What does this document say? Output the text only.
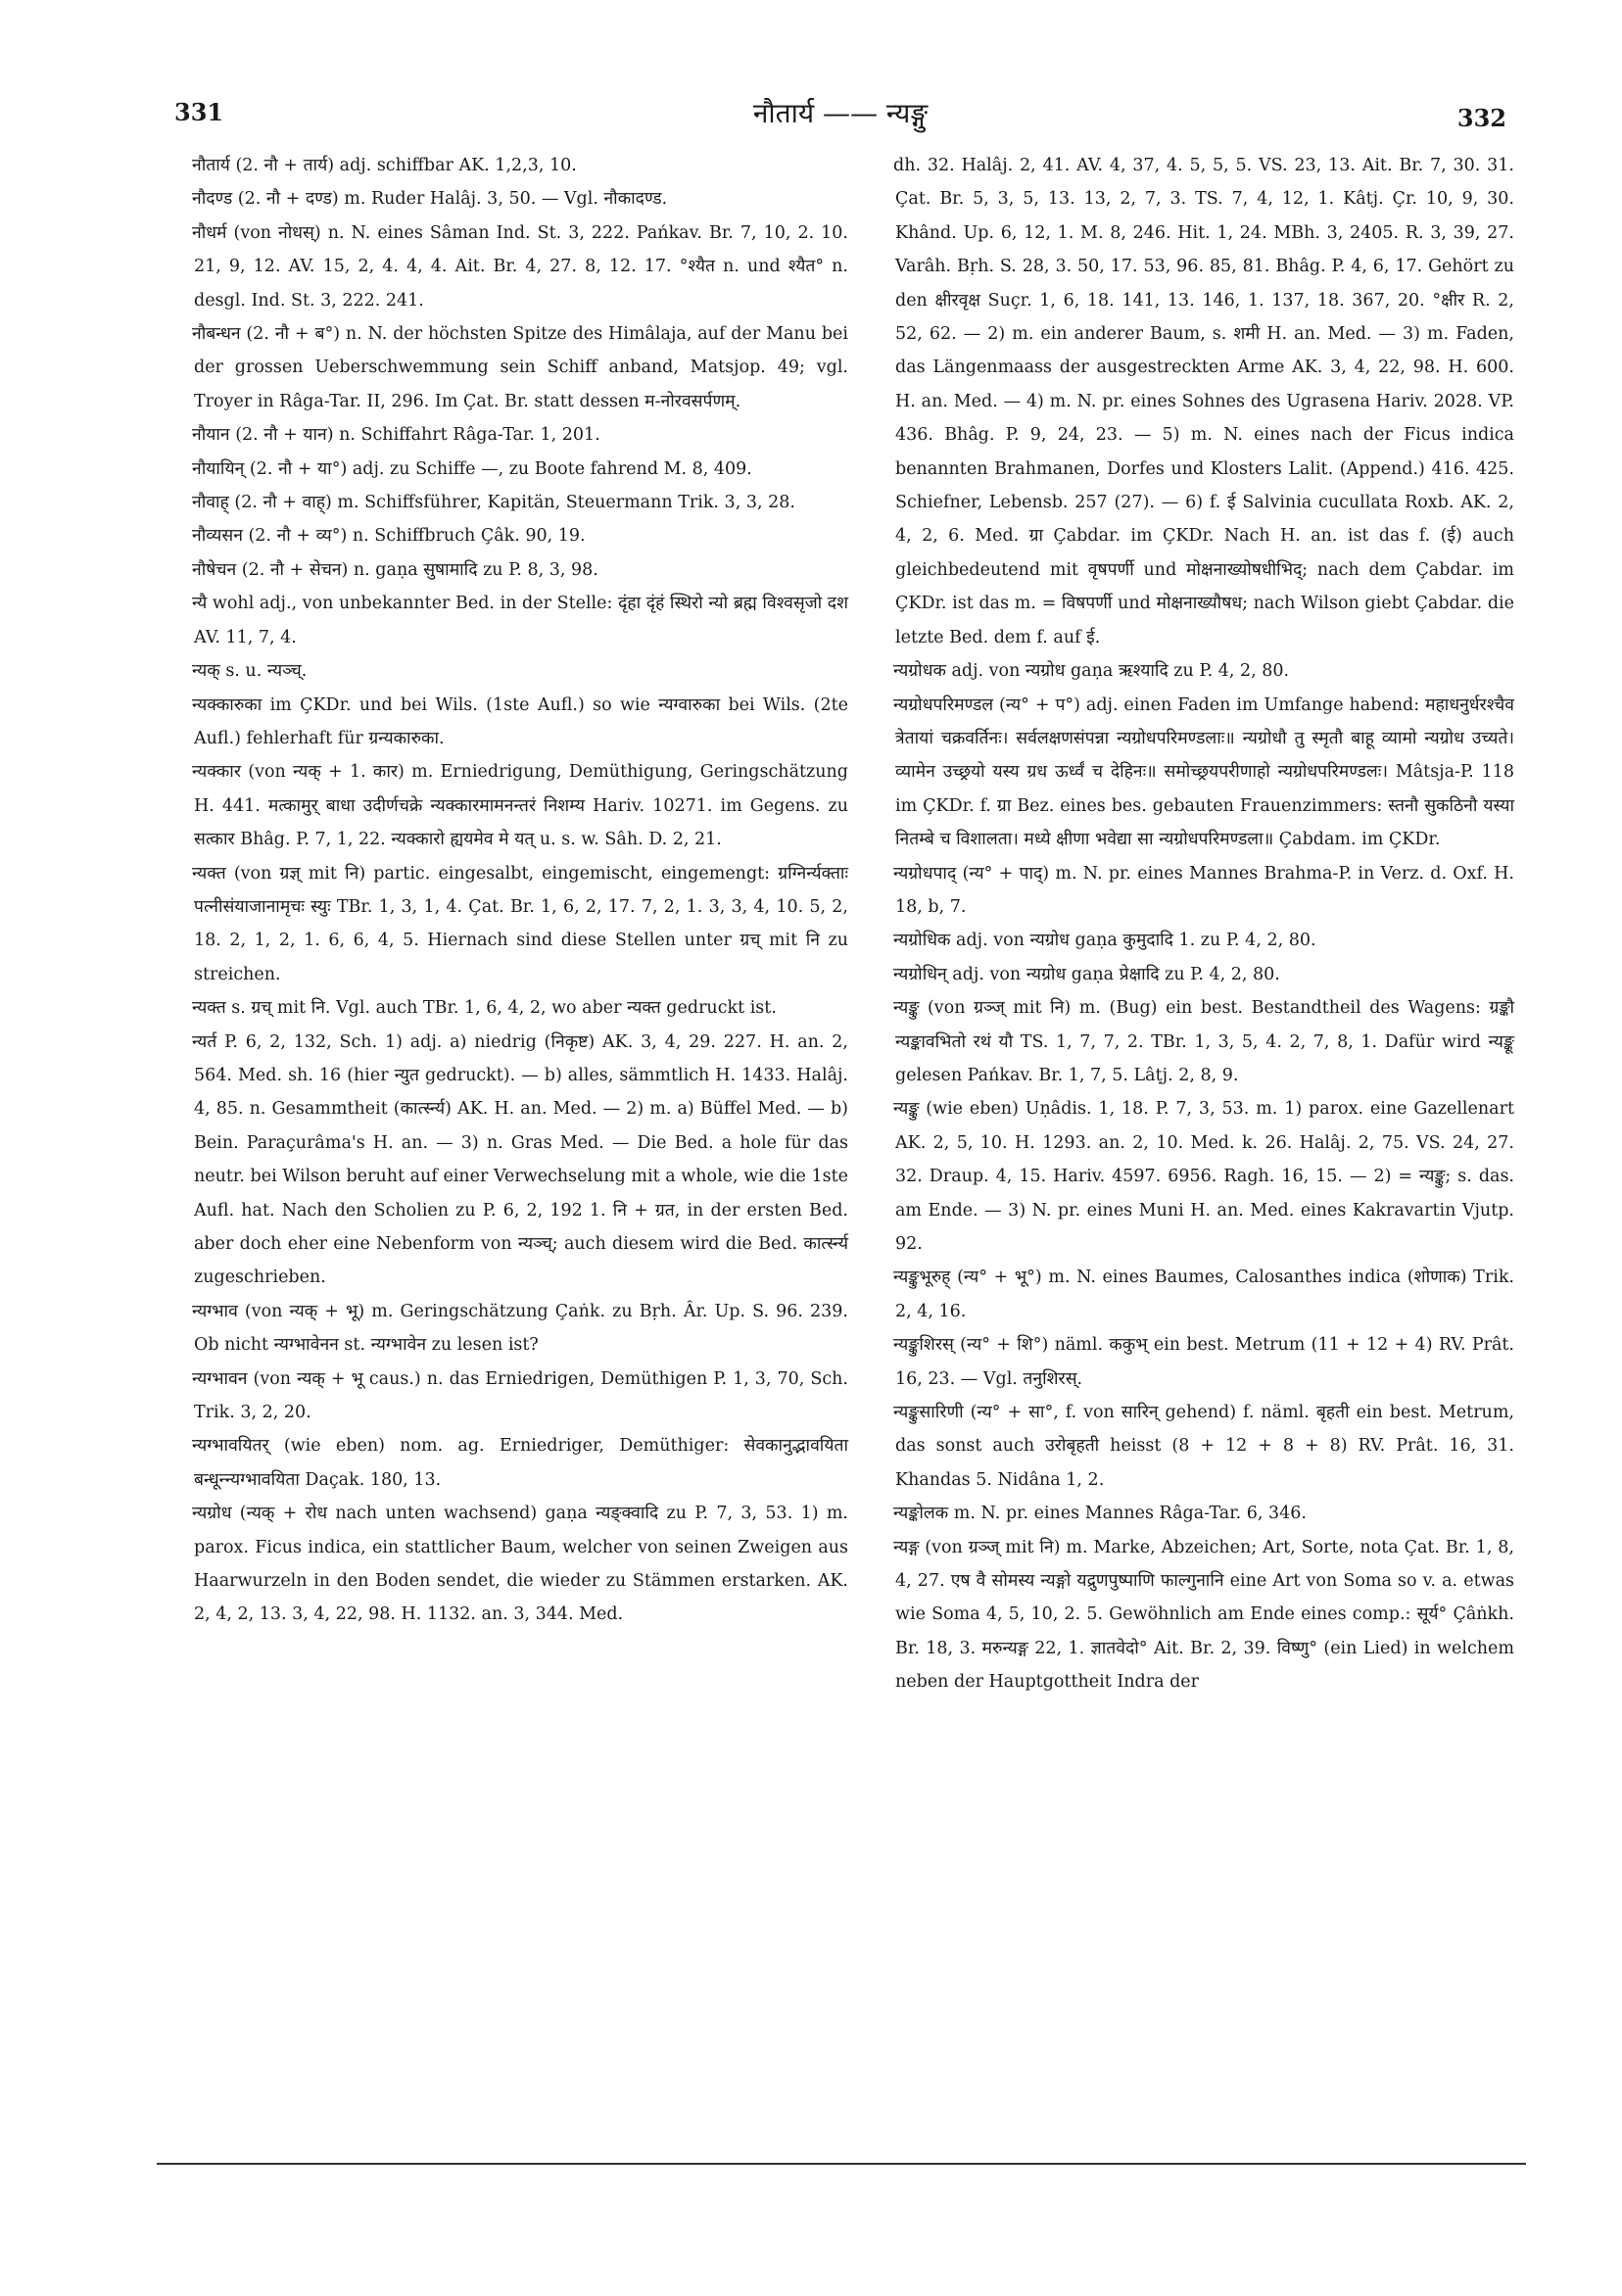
331	नौतार्य —— न्यङ्गु	332

नौतार्य (2. नौ + तार्य) adj. schiffbar AK. 1,2,3, 10.

नौदण्ड (2. नौ + दण्ड) m. Ruder Halâj. 3, 50. — Vgl. नौकादण्ड.

नौधर्म (von नोधस्) n. N. eines Sâman Ind. St. 3, 222. Pańkav. Br. 7, 10, 2. 10. 21, 9, 12. AV. 15, 2, 4. 4, 4. Ait. Br. 4, 27. 8, 12. 17. °श्यैत n. und श्यैत° n. desgl. Ind. St. 3, 222. 241.

नौबन्धन (2. नौ + ब°) n. N. der höchsten Spitze des Himâlaja, auf der Manu bei der grossen Ueberschwemmung sein Schiff anband, Matsjop. 49; vgl. Troyer in Râga-Tar. II, 296. Im Çat. Br. statt dessen म-नोरवसर्पणम्.

नौयान (2. नौ + यान) n. Schiffahrt Râga-Tar. 1, 201.

नौयायिन् (2. नौ + या°) adj. zu Schiffe —, zu Boote fahrend M. 8, 409.

नौवाह् (2. नौ + वाह्) m. Schiffsführer, Kapitän, Steuermann Trik. 3, 3, 28.

नौव्यसन (2. नौ + व्य°) n. Schiffbruch Çâk. 90, 19.

नौषेचन (2. नौ + सेचन) n. gaṇa सुषामादि zu P. 8, 3, 98.

न्यै wohl adj., von unbekannter Bed. in der Stelle: दृंहा दृंहं स्थिरो न्यो ब्रह्म विश्वसृजो दश AV. 11, 7, 4.

न्यक् s. u. न्यञ्च्.

न्यक्कारुका im ÇKDr. und bei Wils. (1ste Aufl.) so wie न्यग्वारुका bei Wils. (2te Aufl.) fehlerhaft für ग्रन्यकारुका.

न्यक्कार (von न्यक् + 1. कार) m. Erniedrigung, Demüthigung, Geringschätzung H. 441. मत्कामुर् बाधा उदीर्णचक्रे न्यक्कारमामनन्तरं निशम्य Hariv. 10271. im Gegens. zu सत्कार Bhâg. P. 7, 1, 22. न्यक्कारो ह्ययमेव मे यत् u. s. w. Sâh. D. 2, 21.

न्यक्त (von ग्रज्ञ् mit नि) partic. eingesalbt, eingemischt, eingemengt: ग्रग्निर्न्यक्ताः पत्नीसंयाजानामृचः स्युः TBr. 1, 3, 1, 4. Çat. Br. 1, 6, 2, 17. 7, 2, 1. 3, 3, 4, 10. 5, 2, 18. 2, 1, 2, 1. 6, 6, 4, 5. Hiernach sind diese Stellen unter ग्रच् mit नि zu streichen.

न्यक्त s. ग्रच् mit नि. Vgl. auch TBr. 1, 6, 4, 2, wo aber न्यक्त gedruckt ist.

न्यर्त P. 6, 2, 132, Sch. 1) adj. a) niedrig (निकृष्ट) AK. 3, 4, 29. 227. H. an. 2, 564. Med. sh. 16 (hier न्युत gedruckt). — b) alles, sämmtlich H. 1433. Halâj. 4, 85. n. Gesammtheit (कार्त्स्न्य) AK. H. an. Med. — 2) m. a) Büffel Med. — b) Bein. Paraçurâma's H. an. — 3) n. Gras Med. — Die Bed. a hole für das neutr. bei Wilson beruht auf einer Verwechselung mit a whole, wie die 1ste Aufl. hat. Nach den Scholien zu P. 6, 2, 192 1. नि + ग्रत, in der ersten Bed. aber doch eher eine Nebenform von न्यञ्च्; auch diesem wird die Bed. कार्त्स्न्य zugeschrieben.

न्यग्भाव (von न्यक् + भू) m. Geringschätzung Çaṅk. zu Bṛh. Âr. Up. S. 96. 239. Ob nicht न्यग्भावेनन st. न्यग्भावेन zu lesen ist?

न्यग्भावन (von न्यक् + भू caus.) n. das Erniedrigen, Demüthigen P. 1, 3, 70, Sch. Trik. 3, 2, 20.

न्यग्भावयितर् (wie eben) nom. ag. Erniedriger, Demüthiger: सेवकानुद्भावयिता बन्धून्न्यग्भावयिता Daçak. 180, 13.

न्यग्रोध (न्यक् + रोध nach unten wachsend) gaṇa न्यङ्क्वादि zu P. 7, 3, 53. 1) m. parox. Ficus indica, ein stattlicher Baum, welcher von seinen Zweigen aus Haarwurzeln in den Boden sendet, die wieder zu Stämmen erstarken. AK. 2, 4, 2, 13. 3, 4, 22, 98. H. 1132. an. 3, 344. Med.

dh. 32. Halâj. 2, 41. AV. 4, 37, 4. 5, 5, 5. VS. 23, 13. Ait. Br. 7, 30. 31. Çat. Br. 5, 3, 5, 13. 13, 2, 7, 3. TS. 7, 4, 12, 1. Kâtj. Çr. 10, 9, 30. Khând. Up. 6, 12, 1. M. 8, 246. Hit. 1, 24. MBh. 3, 2405. R. 3, 39, 27. Varâh. Bṛh. S. 28, 3. 50, 17. 53, 96. 85, 81. Bhâg. P. 4, 6, 17. Gehört zu den क्षीरवृक्ष Suçr. 1, 6, 18. 141, 13. 146, 1. 137, 18. 367, 20. °क्षीर R. 2, 52, 62. — 2) m. ein anderer Baum, s. शमी H. an. Med. — 3) m. Faden, das Längenmaass der ausgestreckten Arme AK. 3, 4, 22, 98. H. 600. H. an. Med. — 4) m. N. pr. eines Sohnes des Ugrasena Hariv. 2028. VP. 436. Bhâg. P. 9, 24, 23. — 5) m. N. eines nach der Ficus indica benannten Brahmanen, Dorfes und Klosters Lalit. (Append.) 416. 425. Schiefner, Lebensb. 257 (27). — 6) f. ई Salvinia cucullata Roxb. AK. 2, 4, 2, 6. Med. ग्रा Çabdar. im ÇKDr. Nach H. an. ist das f. (ई) auch gleichbedeutend mit वृषपर्णी und मोक्षनाख्योषधीभिद्; nach dem Çabdar. im ÇKDr. ist das m. = विषपर्णी und मोक्षनाख्यौषध; nach Wilson giebt Çabdar. die letzte Bed. dem f. auf ई.

न्यग्रोधक adj. von न्यग्रोध gaṇa ऋश्यादि zu P. 4, 2, 80.

न्यग्रोधपरिमण्डल (न्य° + प°) adj. einen Faden im Umfange habend: महाधनुर्धरश्चैव त्रेतायां चक्रवर्तिनः। सर्वलक्षणसंपन्ना न्यग्रोधपरिमण्डलाः॥ न्यग्रोधौ तु स्मृतौ बाहू व्यामो न्यग्रोध उच्यते। व्यामेन उच्छ्रयो यस्य ग्रध ऊर्ध्वं च देहिनः॥ समोच्छ्रयपरीणाहो न्यग्रोधपरिमण्डलः। Mâtsja-P. 118 im ÇKDr. f. ग्रा Bez. eines bes. gebauten Frauenzimmers: स्तनौ सुकठिनौ यस्या नितम्बे च विशालता। मध्ये क्षीणा भवेद्या सा न्यग्रोधपरिमण्डला॥ Çabdam. im ÇKDr.

न्यग्रोधपाद् (न्य° + पाद्) m. N. pr. eines Mannes Brahma-P. in Verz. d. Oxf. H. 18, b, 7.

न्यग्रोधिक adj. von न्यग्रोध gaṇa कुमुदादि 1. zu P. 4, 2, 80.

न्यग्रोधिन् adj. von न्यग्रोध gaṇa प्रेक्षादि zu P. 4, 2, 80.

न्यङ्कु (von ग्रञ्ज् mit नि) m. (Bug) ein best. Bestandtheil des Wagens: ग्रङ्कौ न्यङ्कावभितो रथं यौ TS. 1, 7, 7, 2. TBr. 1, 3, 5, 4. 2, 7, 8, 1. Dafür wird न्यङ्कू gelesen Pańkav. Br. 1, 7, 5. Lâṭj. 2, 8, 9.

न्यङ्कु (wie eben) Uṇâdis. 1, 18. P. 7, 3, 53. m. 1) parox. eine Gazellenart AK. 2, 5, 10. H. 1293. an. 2, 10. Med. k. 26. Halâj. 2, 75. VS. 24, 27. 32. Draup. 4, 15. Hariv. 4597. 6956. Ragh. 16, 15. — 2) = न्यङ्कु; s. das. am Ende. — 3) N. pr. eines Muni H. an. Med. eines Kakravartin Vjutp. 92.

न्यङ्कुभूरुह् (न्य° + भू°) m. N. eines Baumes, Calosanthes indica (शोणाक) Trik. 2, 4, 16.

न्यङ्कुशिरस् (न्य° + शि°) näml. ककुभ् ein best. Metrum (11 + 12 + 4) RV. Prât. 16, 23. — Vgl. तनुशिरस्.

न्यङ्कुसारिणी (न्य° + सा°, f. von सारिन् gehend) f. näml. बृहती ein best. Metrum, das sonst auch उरोबृहती heisst (8 + 12 + 8 + 8) RV. Prât. 16, 31. Khandas 5. Nidâna 1, 2.

न्यङ्कोलक m. N. pr. eines Mannes Râga-Tar. 6, 346.

न्यङ्ग (von ग्रञ्ज् mit नि) m. Marke, Abzeichen; Art, Sorte, nota Çat. Br. 1, 8, 4, 27. एष वै सोमस्य न्यङ्गो यद्रुणपुष्पाणि फाल्गुनानि eine Art von Soma so v. a. etwas wie Soma 4, 5, 10, 2. 5. Gewöhnlich am Ende eines comp.: सूर्य° Çâṅkh. Br. 18, 3. मरुन्यङ्ग 22, 1. ज्ञातवेदो° Ait. Br. 2, 39. विष्णु° (ein Lied) in welchem neben der Hauptgottheit Indra der
